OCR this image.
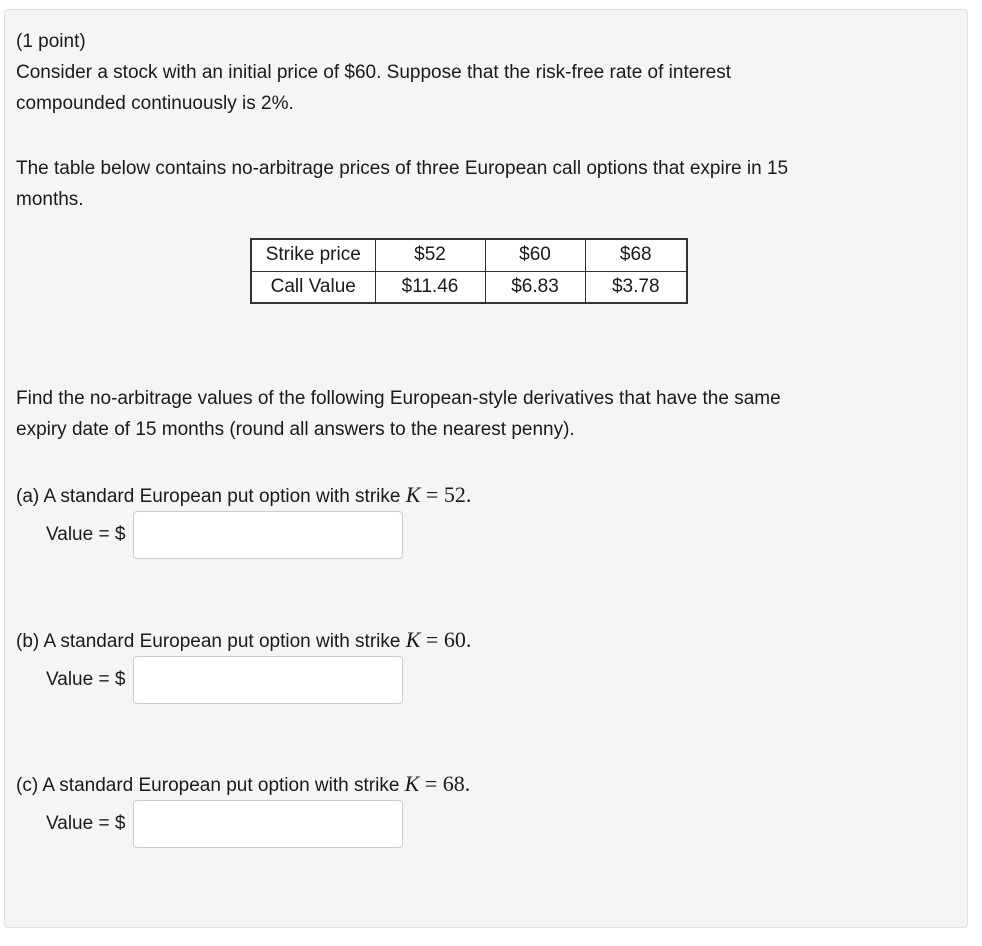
(1 point)
Consider a stock with an initial price of $60. Suppose that the risk-free rate of interest
compounded continuously is 2%.
The table below contains no-arbitrage prices of three European call options that expire in 15
months.
Strike price	$52	$60	$68
Call Value	$11.46	$6.83	$3.78
Find the no-arbitrage values of the following European-style derivatives that have the same
expiry date of 15 months (round all answers to the nearest penny).
(a) A standard European put option with strike K = 52.
Value = $
(b) A standard European put option with strike K = 60.
Value = $
(c) A standard European put option with strike K = 68.
Value = $
